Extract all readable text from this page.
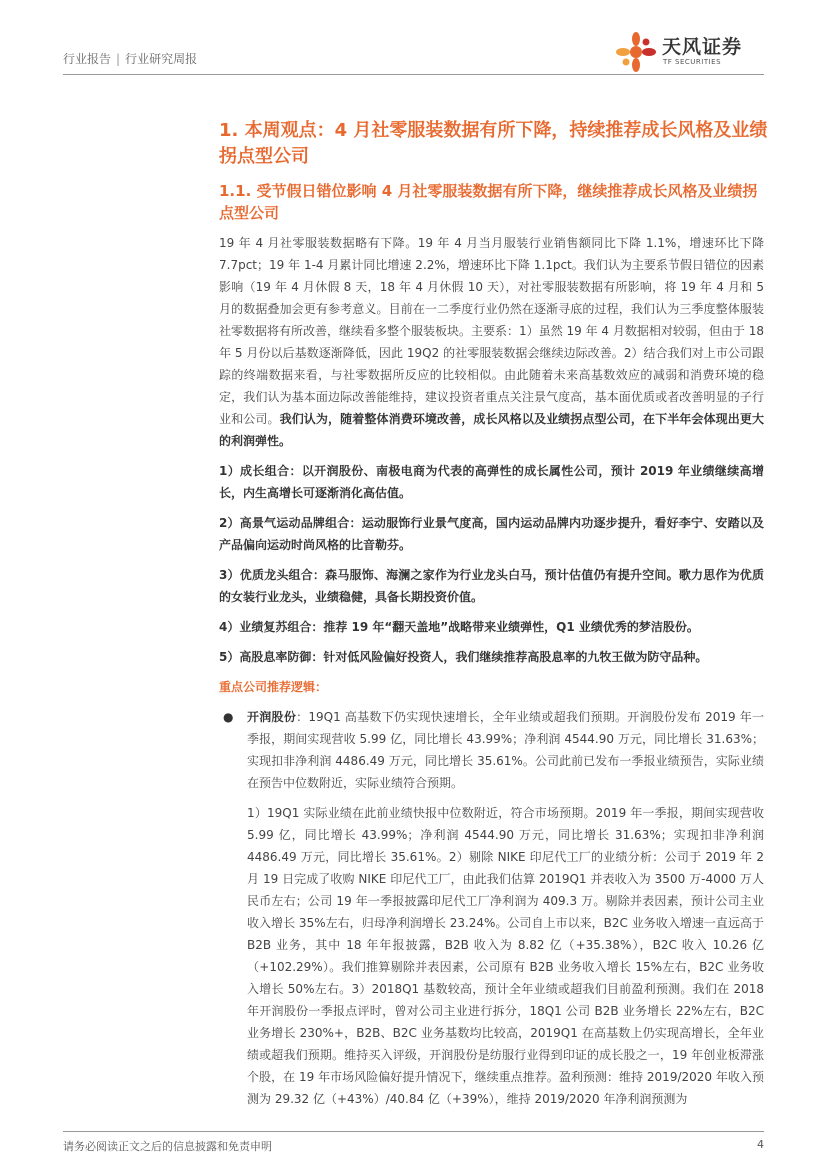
行业报告 | 行业研究周报
天风证券
TF SECURITIES
1. 本周观点：4 月社零服装数据有所下降，持续推荐成长风格及业绩拐点型公司
1.1. 受节假日错位影响 4 月社零服装数据有所下降，继续推荐成长风格及业绩拐点型公司

19 年 4 月社零服装数据略有下降。19 年 4 月当月服装行业销售额同比下降 1.1%，增速环比下降 7.7pct；19 年 1-4 月累计同比增速 2.2%，增速环比下降 1.1pct。我们认为主要系节假日错位的因素影响（19 年 4 月休假 8 天，18 年 4 月休假 10 天），对社零服装数据有所影响，将 19 年 4 月和 5 月的数据叠加会更有参考意义。目前在一二季度行业仍然在逐渐寻底的过程，我们认为三季度整体服装社零数据将有所改善，继续看多整个服装板块。主要系：1）虽然 19 年 4 月数据相对较弱，但由于 18 年 5 月份以后基数逐渐降低，因此 19Q2 的社零服装数据会继续边际改善。2）结合我们对上市公司跟踪的终端数据来看，与社零数据所反应的比较相似。由此随着未来高基数效应的减弱和消费环境的稳定，我们认为基本面边际改善能维持，建议投资者重点关注景气度高，基本面优质或者改善明显的子行业和公司。我们认为，随着整体消费环境改善，成长风格以及业绩拐点型公司，在下半年会体现出更大的利润弹性。

1）成长组合：以开润股份、南极电商为代表的高弹性的成长属性公司，预计 2019 年业绩继续高增长，内生高增长可逐渐消化高估值。

2）高景气运动品牌组合：运动服饰行业景气度高，国内运动品牌内功逐步提升，看好李宁、安踏以及产品偏向运动时尚风格的比音勒芬。

3）优质龙头组合：森马服饰、海澜之家作为行业龙头白马，预计估值仍有提升空间。歌力思作为优质的女装行业龙头，业绩稳健，具备长期投资价值。

4）业绩复苏组合：推荐 19 年“翻天盖地”战略带来业绩弹性，Q1 业绩优秀的梦洁股份。

5）高股息率防御：针对低风险偏好投资人，我们继续推荐高股息率的九牧王做为防守品种。

重点公司推荐逻辑：

● 开润股份：19Q1 高基数下仍实现快速增长，全年业绩或超我们预期。开润股份发布 2019 年一季报，期间实现营收 5.99 亿，同比增长 43.99%；净利润 4544.90 万元，同比增长 31.63%；实现扣非净利润 4486.49 万元，同比增长 35.61%。公司此前已发布一季报业绩预告，实际业绩在预告中位数附近，实际业绩符合预期。

1）19Q1 实际业绩在此前业绩快报中位数附近，符合市场预期。2019 年一季报，期间实现营收 5.99 亿，同比增长 43.99%；净利润 4544.90 万元，同比增长 31.63%；实现扣非净利润 4486.49 万元，同比增长 35.61%。2）剔除 NIKE 印尼代工厂的业绩分析：公司于 2019 年 2 月 19 日完成了收购 NIKE 印尼代工厂，由此我们估算 2019Q1 并表收入为 3500 万-4000 万人民币左右；公司 19 年一季报披露印尼代工厂净利润为 409.3 万。剔除并表因素，预计公司主业收入增长 35%左右，归母净利润增长 23.24%。公司自上市以来，B2C 业务收入增速一直远高于 B2B 业务，其中 18 年年报披露，B2B 收入为 8.82 亿（+35.38%），B2C 收入 10.26 亿（+102.29%）。我们推算剔除并表因素，公司原有 B2B 业务收入增长 15%左右，B2C 业务收入增长 50%左右。3）2018Q1 基数较高，预计全年业绩或超我们目前盈利预测。我们在 2018 年开润股份一季报点评时，曾对公司主业进行拆分，18Q1 公司 B2B 业务增长 22%左右，B2C 业务增长 230%+，B2B、B2C 业务基数均比较高，2019Q1 在高基数上仍实现高增长，全年业绩或超我们预期。维持买入评级，开润股份是纺服行业得到印证的成长股之一，19 年创业板滞涨个股，在 19 年市场风险偏好提升情况下，继续重点推荐。盈利预测：维持 2019/2020 年收入预测为 29.32 亿（+43%）/40.84 亿（+39%），维持 2019/2020 年净利润预测为

请务必阅读正文之后的信息披露和免责申明	4
